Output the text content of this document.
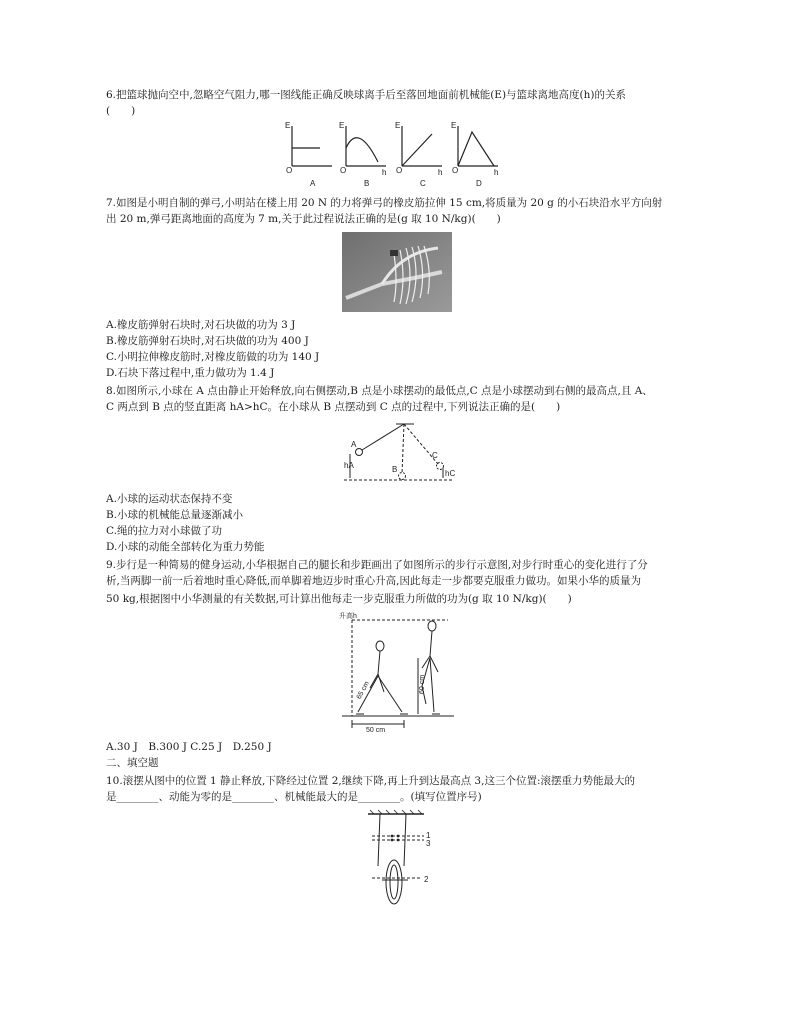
6.把篮球抛向空中,忽略空气阻力,哪一图线能正确反映球离手后至落回地面前机械能(E)与篮球离地高度(h)的关系
(　　)
E
O
E
O	h
E
O	h
E
O	h
A	B	C	D
7.如图是小明自制的弹弓,小明站在楼上用 20 N 的力将弹弓的橡皮筋拉伸 15 cm,将质量为 20 g 的小石块沿水平方向射
出 20 m,弹弓距离地面的高度为 7 m,关于此过程说法正确的是(g 取 10 N/kg)(　　)
A.橡皮筋弹射石块时,对石块做的功为 3 J
B.橡皮筋弹射石块时,对石块做的功为 400 J
C.小明拉伸橡皮筋时,对橡皮筋做的功为 140 J
D.石块下落过程中,重力做功为 1.4 J
8.如图所示,小球在 A 点由静止开始释放,向右侧摆动,B 点是小球摆动的最低点,C 点是小球摆动到右侧的最高点,且 A、
C 两点到 B 点的竖直距离 hA>hC。在小球从 B 点摆动到 C 点的过程中,下列说法正确的是(　　)
A
hA	B
C
hC
A.小球的运动状态保持不变
B.小球的机械能总量逐渐减小
C.绳的拉力对小球做了功
D.小球的动能全部转化为重力势能
9.步行是一种简易的健身运动,小华根据自己的腿长和步距画出了如图所示的步行示意图,对步行时重心的变化进行了分
析,当两脚一前一后着地时重心降低,而单脚着地迈步时重心升高,因此每走一步都要克服重力做功。如果小华的质量为
50 kg,根据图中小华测量的有关数据,可计算出他每走一步克服重力所做的功为(g 取 10 N/kg)(　　)
升高h
65 cm	60 cm
50 cm
A.30 J　B.300 J C.25 J　D.250 J
二、填空题
10.滚摆从图中的位置 1 静止释放,下降经过位置 2,继续下降,再上升到达最高点 3,这三个位置:滚摆重力势能最大的
是________、动能为零的是________、机械能最大的是________。(填写位置序号)
1
3
2
